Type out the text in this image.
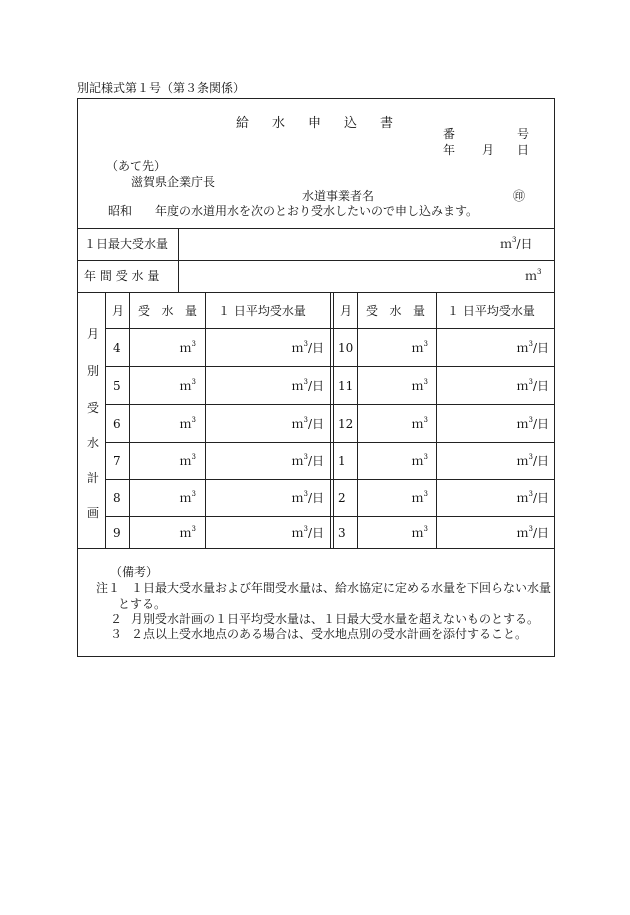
別記様式第１号（第３条関係）
給 水 申 込 書
番	号
年 月 日
（あて先）
滋賀県企業庁長
水道事業者名	㊞
昭和 年度の水道用水を次のとおり受水したいので申し込みます。
１日最大受水量	ｍ$^3$/日
年 間 受 水 量	ｍ$^3$
月
別
受
水
計
画
月 受 水 量 １ 日平均受水量	月 受 水 量 １ 日平均受水量
4	ｍ$^3$	ｍ$^3$/日 10	ｍ$^3$	ｍ$^3$/日
5	ｍ$^3$	ｍ$^3$/日 11	ｍ$^3$	ｍ$^3$/日
6	ｍ$^3$	ｍ$^3$/日 12	ｍ$^3$	ｍ$^3$/日
7	ｍ$^3$	ｍ$^3$/日 1	ｍ$^3$	ｍ$^3$/日
8	ｍ$^3$	ｍ$^3$/日 2	ｍ$^3$	ｍ$^3$/日
9	ｍ$^3$	ｍ$^3$/日 3	ｍ$^3$	ｍ$^3$/日
（備考）
注１ １日最大受水量および年間受水量は、給水協定に定める水量を下回らない水量
とする。
２ 月別受水計画の１日平均受水量は、１日最大受水量を超えないものとする。
３ ２点以上受水地点のある場合は、受水地点別の受水計画を添付すること。
